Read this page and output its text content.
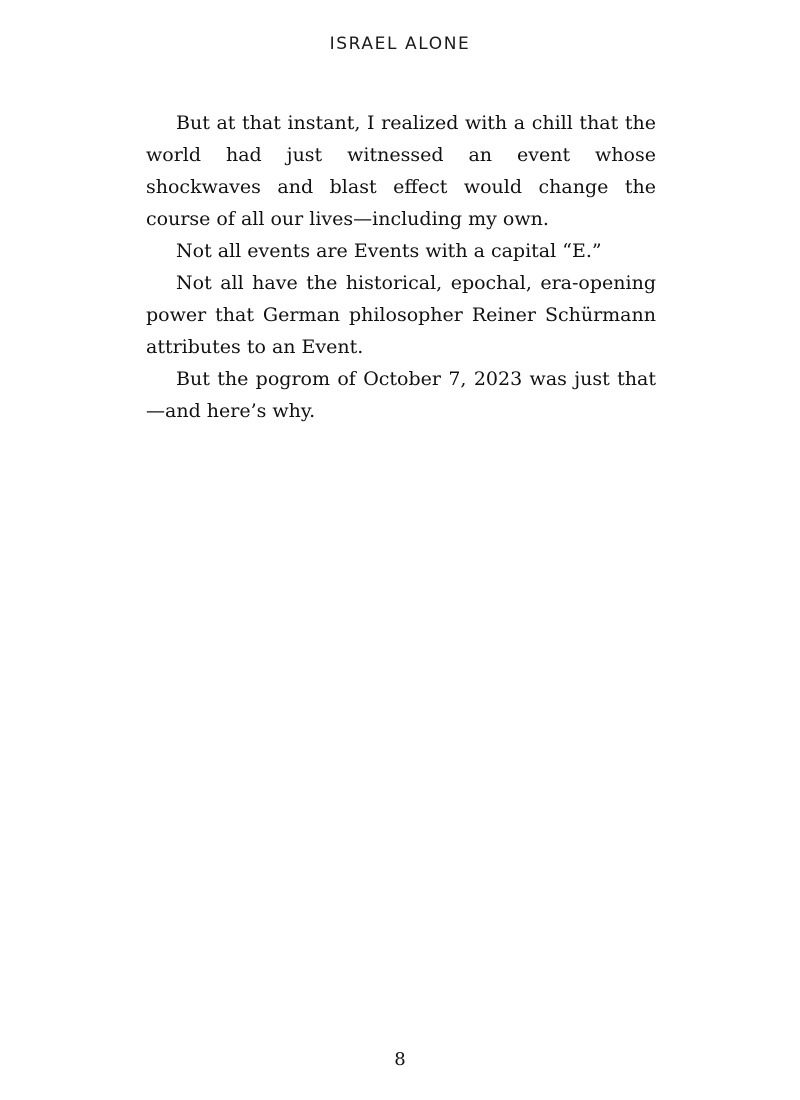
ISRAEL ALONE

But at that instant, I realized with a chill that the world had just witnessed an event whose shockwaves and blast effect would change the course of all our lives—including my own.

Not all events are Events with a capital “E.”

Not all have the historical, epochal, era-opening power that German philosopher Reiner Schürmann attributes to an Event.

But the pogrom of October 7, 2023 was just that—and here’s why.

8
